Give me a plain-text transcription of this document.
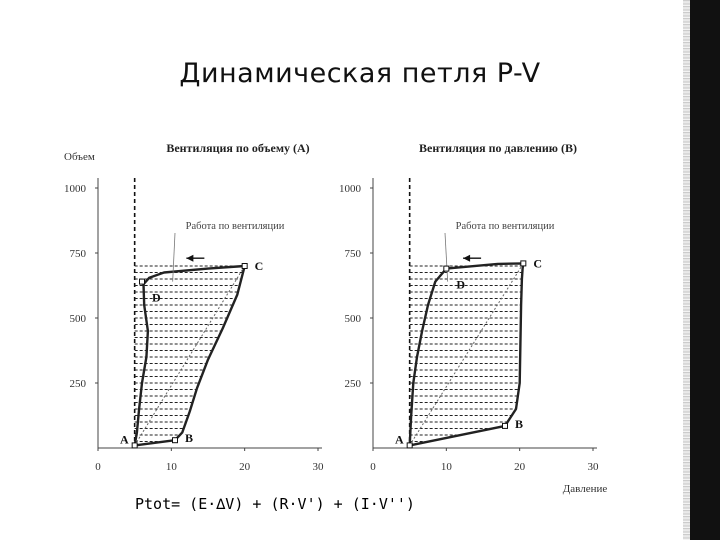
Динамическая петля P-V
Вентиляция по объему (А)
Объем
1000
750
500
250
0	10	20	30
Работа по вентиляции
A	B
C
D
Вентиляция по давлению (В)
Давление
1000
750
500
250
0	10	20	30
Работа по вентиляции
A
B
C
D
Ptot= (E·∆V) + (R·V') + (I·V'')
